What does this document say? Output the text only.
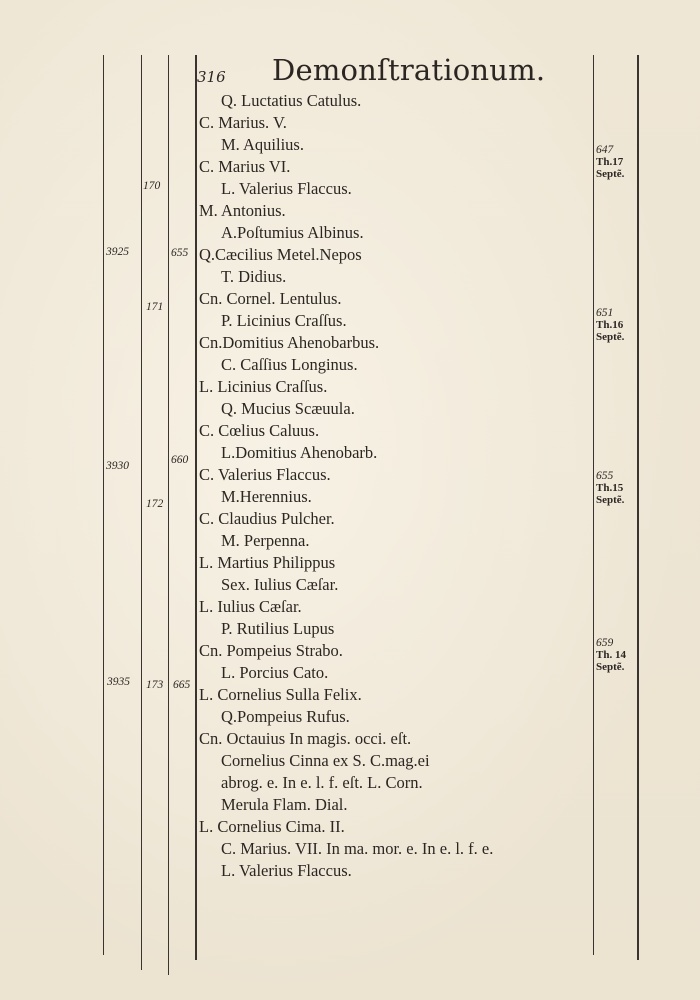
316 Demonſtrationum.
Q. Luctatius Catulus.
C. Marius. V.
M. Aquilius.
C. Marius VI.
L. Valerius Flaccus.
M. Antonius.
A.Poſtumius Albinus.
Q.Cæcilius Metel.Nepos
T. Didius.
Cn. Cornel. Lentulus.
P. Licinius Craſſus.
Cn.Domitius Ahenobarbus.
C. Caſſius Longinus.
L. Licinius Craſſus.
Q. Mucius Scæuula.
C. Cœlius Caluus.
L.Domitius Ahenobarb.
C. Valerius Flaccus.
M.Herennius.
C. Claudius Pulcher.
M. Perpenna.
L. Martius Philippus
Sex. Iulius Cæſar.
L. Iulius Cæſar.
P. Rutilius Lupus
Cn. Pompeius Strabo.
L. Porcius Cato.
L. Cornelius Sulla Felix.
Q.Pompeius Rufus.
Cn. Octauius In magis. occi. eſt.
Cornelius Cinna ex S. C.mag.ei
abrog. e. In e. l. f. eſt. L. Corn.
Merula Flam. Dial.
L. Cornelius Cima. II.
C. Marius. VII. In ma. mor. e. In e. l. f. e.
L. Valerius Flaccus.
170
3925	655
171
660
3930
172
3935 173 665
647
Th.17
Septẽ.
651
Th.16
Septẽ.
655
Th.15
Septẽ.
659
Th. 14
Septẽ.
